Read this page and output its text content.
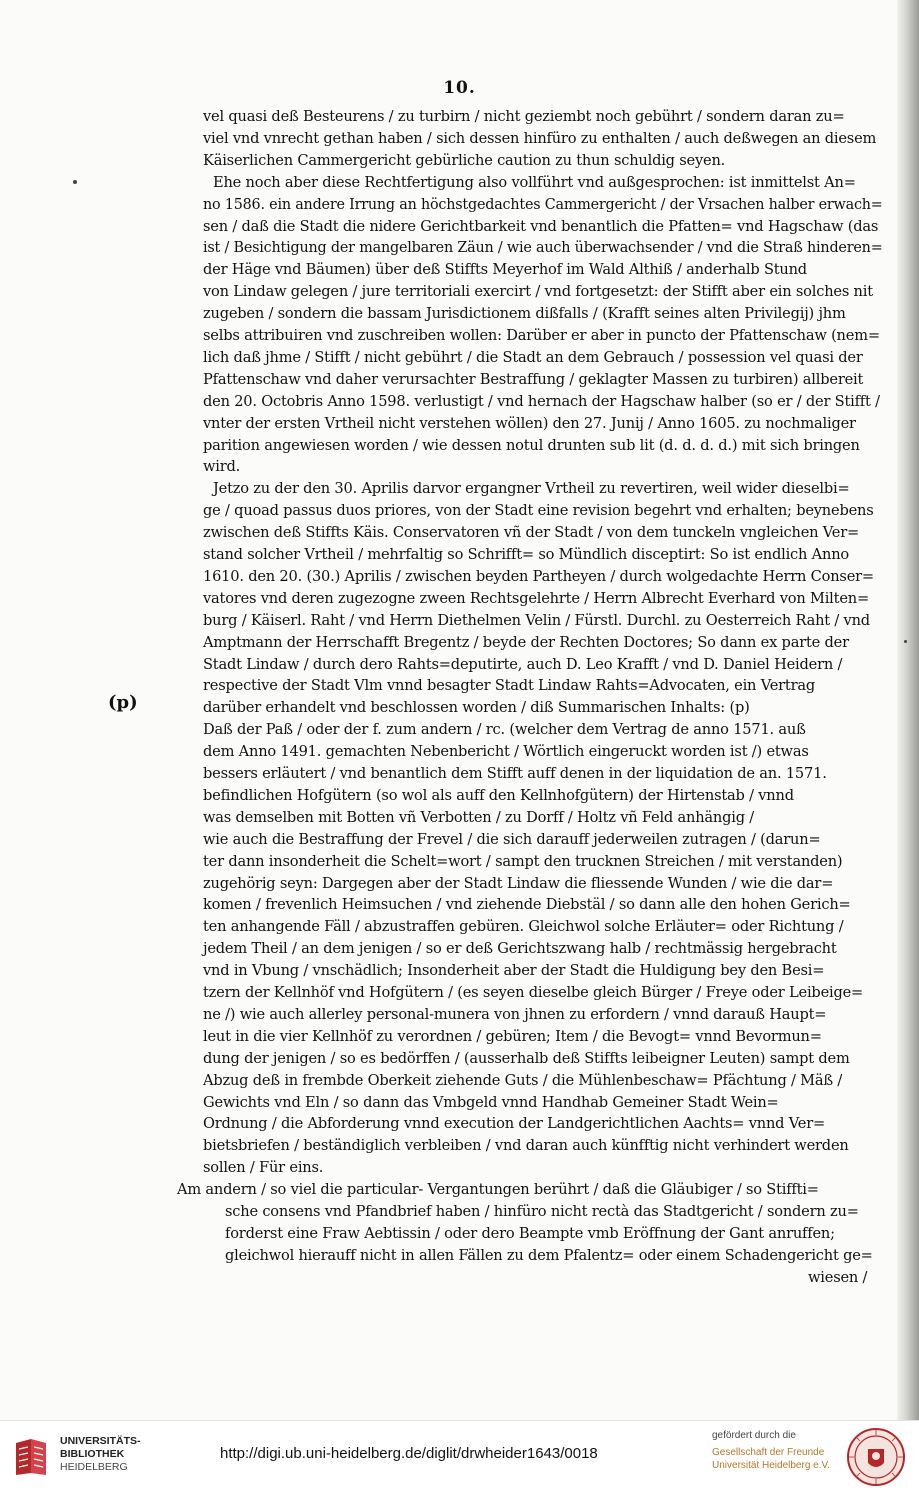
10.
(p)
vel quasi deß Besteurens / zu turbirn / nicht geziembt noch gebührt / sondern daran zu=
viel vnd vnrecht gethan haben / sich dessen hinfüro zu enthalten / auch deßwegen an diesem
Käiserlichen Cammergericht gebürliche caution zu thun schuldig seyen.
Ehe noch aber diese Rechtfertigung also vollführt vnd außgesprochen: ist inmittelst An=
no 1586. ein andere Irrung an höchstgedachtes Cammergericht / der Vrsachen halber erwach=
sen / daß die Stadt die nidere Gerichtbarkeit vnd benantlich die Pfatten= vnd Hagschaw (das
ist / Besichtigung der mangelbaren Zäun / wie auch überwachsender / vnd die Straß hinderen=
der Häge vnd Bäumen) über deß Stiffts Meyerhof im Wald Althiß / anderhalb Stund
von Lindaw gelegen / jure territoriali exercirt / vnd fortgesetzt: der Stifft aber ein solches nit
zugeben / sondern die bassam Jurisdictionem dißfalls / (Krafft seines alten Privilegij) jhm
selbs attribuiren vnd zuschreiben wollen: Darüber er aber in puncto der Pfattenschaw (nem=
lich daß jhme / Stifft / nicht gebührt / die Stadt an dem Gebrauch / possession vel quasi der
Pfattenschaw vnd daher verursachter Bestraffung / geklagter Massen zu turbiren) allbereit
den 20. Octobris Anno 1598. verlustigt / vnd hernach der Hagschaw halber (so er / der Stifft /
vnter der ersten Vrtheil nicht verstehen wöllen) den 27. Junij / Anno 1605. zu nochmaliger
parition angewiesen worden / wie dessen notul drunten sub lit (d. d. d. d.) mit sich bringen
wird.
Jetzo zu der den 30. Aprilis darvor ergangner Vrtheil zu revertiren, weil wider dieselbi=
ge / quoad passus duos priores, von der Stadt eine revision begehrt vnd erhalten; beynebens
zwischen deß Stiffts Käis. Conservatoren vñ der Stadt / von dem tunckeln vngleichen Ver=
stand solcher Vrtheil / mehrfaltig so Schrifft= so Mündlich disceptirt: So ist endlich Anno
1610. den 20. (30.) Aprilis / zwischen beyden Partheyen / durch wolgedachte Herrn Conser=
vatores vnd deren zugezogne zween Rechtsgelehrte / Herrn Albrecht Everhard von Milten=
burg / Käiserl. Raht / vnd Herrn Diethelmen Velin / Fürstl. Durchl. zu Oesterreich Raht / vnd
Amptmann der Herrschafft Bregentz / beyde der Rechten Doctores; So dann ex parte der
Stadt Lindaw / durch dero Rahts=deputirte, auch D. Leo Krafft / vnd D. Daniel Heidern /
respective der Stadt Vlm vnnd besagter Stadt Lindaw Rahts=Advocaten, ein Vertrag
darüber erhandelt vnd beschlossen worden / diß Summarischen Inhalts: (p)
Daß der Paß / oder der f. zum andern / rc. (welcher dem Vertrag de anno 1571. auß
dem Anno 1491. gemachten Nebenbericht / Wörtlich eingeruckt worden ist /) etwas
bessers erläutert / vnd benantlich dem Stifft auff denen in der liquidation de an. 1571.
befindlichen Hofgütern (so wol als auff den Kellnhofgütern) der Hirtenstab / vnnd
was demselben mit Botten vñ Verbotten / zu Dorff / Holtz vñ Feld anhängig /
wie auch die Bestraffung der Frevel / die sich darauff jederweilen zutragen / (darun=
ter dann insonderheit die Schelt=wort / sampt den trucknen Streichen / mit verstanden)
zugehörig seyn: Dargegen aber der Stadt Lindaw die fliessende Wunden / wie die dar=
komen / frevenlich Heimsuchen / vnd ziehende Diebstäl / so dann alle den hohen Gerich=
ten anhangende Fäll / abzustraffen gebüren. Gleichwol solche Erläuter= oder Richtung /
jedem Theil / an dem jenigen / so er deß Gerichtszwang halb / rechtmässig hergebracht
vnd in Vbung / vnschädlich; Insonderheit aber der Stadt die Huldigung bey den Besi=
tzern der Kellnhöf vnd Hofgütern / (es seyen dieselbe gleich Bürger / Freye oder Leibeige=
ne /) wie auch allerley personal-munera von jhnen zu erfordern / vnnd darauß Haupt=
leut in die vier Kellnhöf zu verordnen / gebüren; Item / die Bevogt= vnnd Bevormun=
dung der jenigen / so es bedörffen / (ausserhalb deß Stiffts leibeigner Leuten) sampt dem
Abzug deß in frembde Oberkeit ziehende Guts / die Mühlenbeschaw= Pfächtung / Mäß /
Gewichts vnd Eln / so dann das Vmbgeld vnnd Handhab Gemeiner Stadt Wein=
Ordnung / die Abforderung vnnd execution der Landgerichtlichen Aachts= vnnd Ver=
bietsbriefen / beständiglich verbleiben / vnd daran auch künfftig nicht verhindert werden
sollen / Für eins.
Am andern / so viel die particular- Vergantungen berührt / daß die Gläubiger / so Stiffti=
sche consens vnd Pfandbrief haben / hinfüro nicht rectà das Stadtgericht / sondern zu=
forderst eine Fraw Aebtissin / oder dero Beampte vmb Eröffnung der Gant anruffen;
gleichwol hierauff nicht in allen Fällen zu dem Pfalentz= oder einem Schadengericht ge=
wiesen /
UNIVERSITÄTS-
BIBLIOTHEK
HEIDELBERG
http://digi.ub.uni-heidelberg.de/diglit/drwheider1643/0018
gefördert durch die
Gesellschaft der Freunde
Universität Heidelberg e.V.
